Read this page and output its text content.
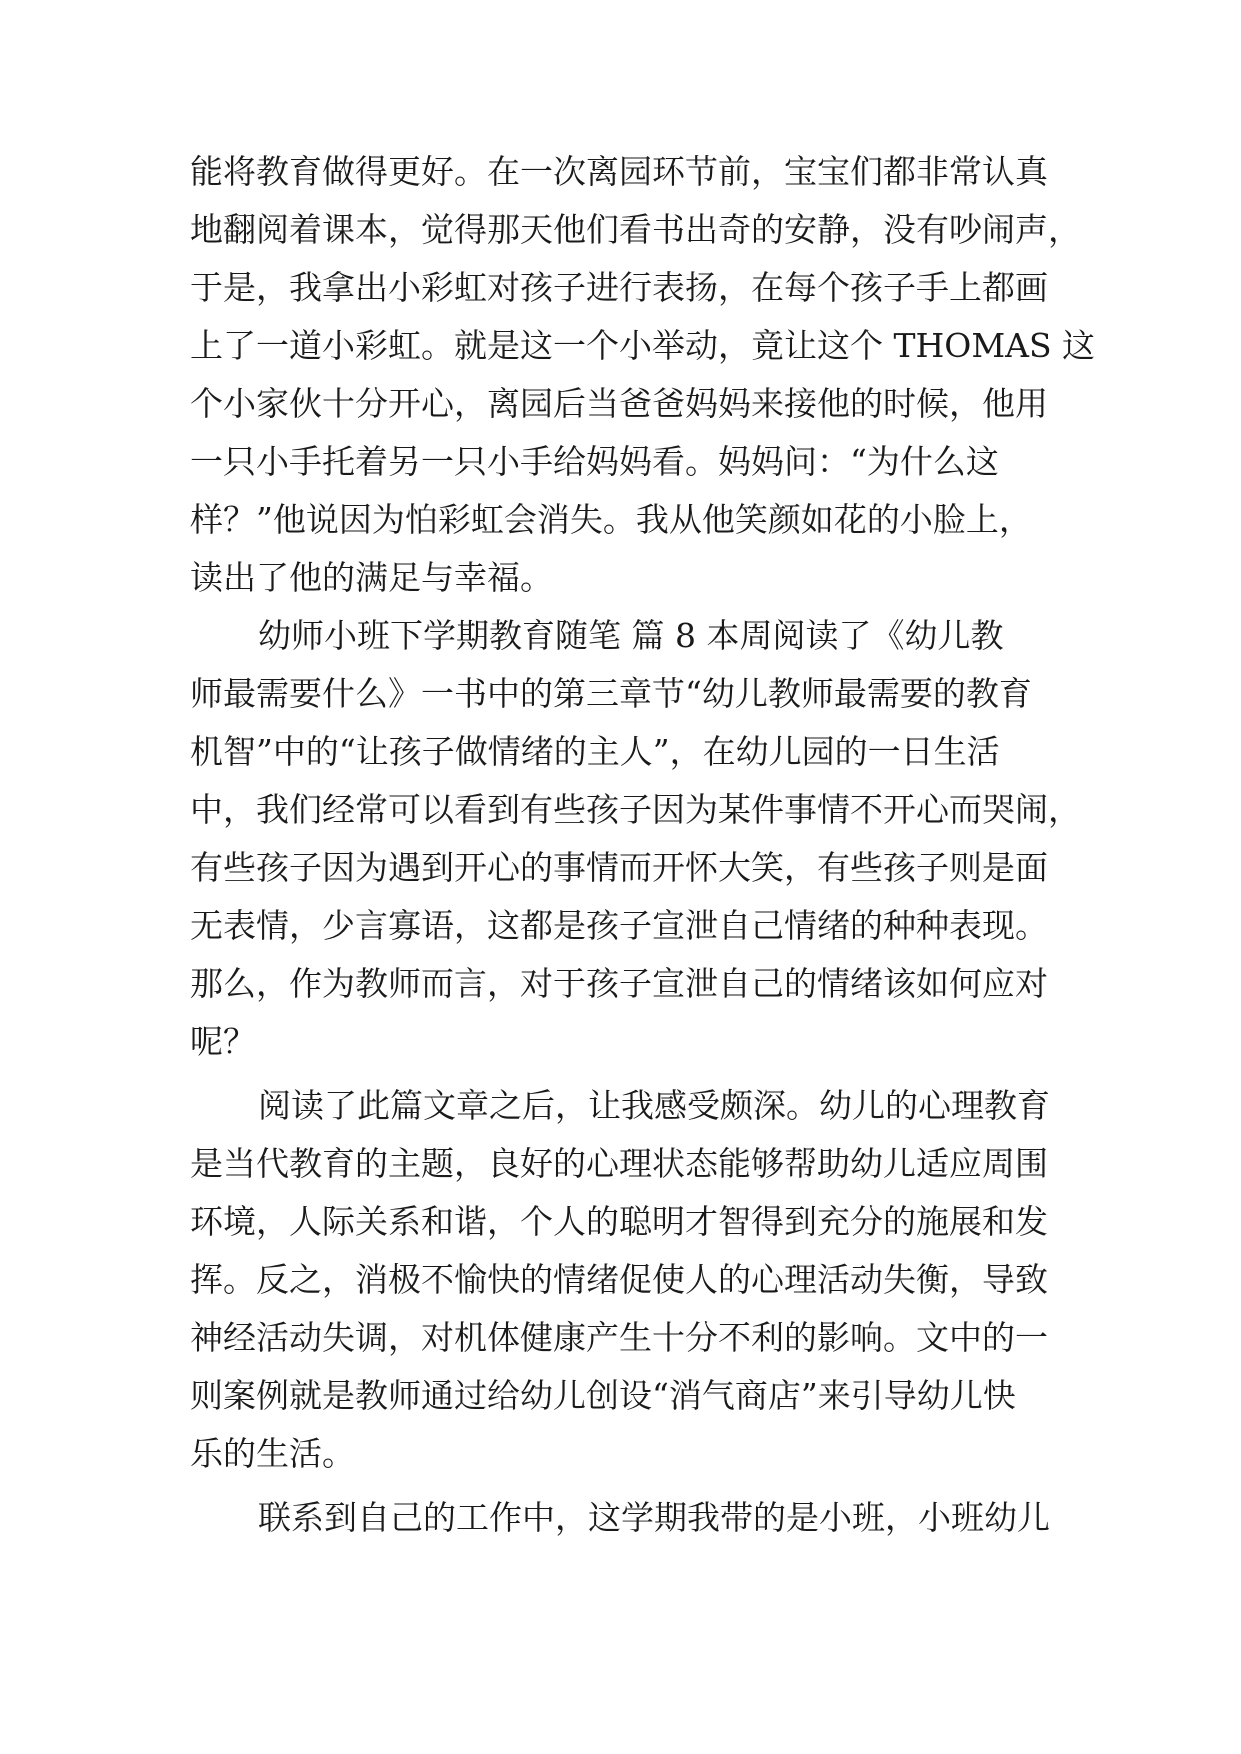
能将教育做得更好。在一次离园环节前，宝宝们都非常认真
地翻阅着课本，觉得那天他们看书出奇的安静，没有吵闹声，
于是，我拿出小彩虹对孩子进行表扬，在每个孩子手上都画
上了一道小彩虹。就是这一个小举动，竟让这个 THOMAS 这
个小家伙十分开心，离园后当爸爸妈妈来接他的时候，他用
一只小手托着另一只小手给妈妈看。妈妈问：“为什么这
样？”他说因为怕彩虹会消失。我从他笑颜如花的小脸上，
读出了他的满足与幸福。
幼师小班下学期教育随笔 篇 8 本周阅读了《幼儿教
师最需要什么》一书中的第三章节“幼儿教师最需要的教育
机智”中的“让孩子做情绪的主人”，在幼儿园的一日生活
中，我们经常可以看到有些孩子因为某件事情不开心而哭闹，
有些孩子因为遇到开心的事情而开怀大笑，有些孩子则是面
无表情，少言寡语，这都是孩子宣泄自己情绪的种种表现。
那么，作为教师而言，对于孩子宣泄自己的情绪该如何应对
呢？
阅读了此篇文章之后，让我感受颇深。幼儿的心理教育
是当代教育的主题，良好的心理状态能够帮助幼儿适应周围
环境，人际关系和谐，个人的聪明才智得到充分的施展和发
挥。反之，消极不愉快的情绪促使人的心理活动失衡，导致
神经活动失调，对机体健康产生十分不利的影响。文中的一
则案例就是教师通过给幼儿创设“消气商店”来引导幼儿快
乐的生活。
联系到自己的工作中，这学期我带的是小班，小班幼儿
